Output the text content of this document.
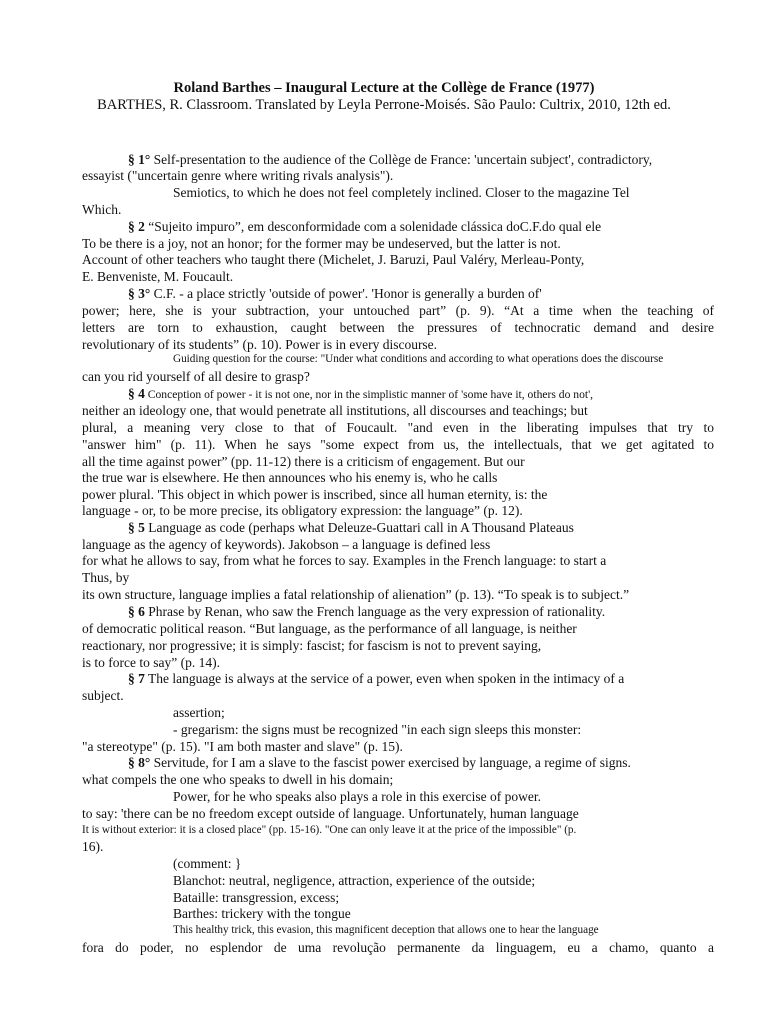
Roland Barthes – Inaugural Lecture at the Collège de France (1977)
BARTHES, R. Classroom. Translated by Leyla Perrone-Moisés. São Paulo: Cultrix, 2010, 12th ed.
§ 1° Self-presentation to the audience of the Collège de France: 'uncertain subject', contradictory,
essayist ("uncertain genre where writing rivals analysis").
Semiotics, to which he does not feel completely inclined. Closer to the magazine Tel
Which.
§ 2 “Sujeito impuro”, em desconformidade com a solenidade clássica doC.F.do qual ele
To be there is a joy, not an honor; for the former may be undeserved, but the latter is not.
Account of other teachers who taught there (Michelet, J. Baruzi, Paul Valéry, Merleau-Ponty,
E. Benveniste, M. Foucault.
§ 3° C.F. - a place strictly 'outside of power'. 'Honor is generally a burden of'
power; here, she is your subtraction, your untouched part” (p. 9). “At a time when the teaching of
letters are torn to exhaustion, caught between the pressures of technocratic demand and desire
revolutionary of its students” (p. 10). Power is in every discourse.
Guiding question for the course: "Under what conditions and according to what operations does the discourse
can you rid yourself of all desire to grasp?
§ 4 Conception of power - it is not one, nor in the simplistic manner of 'some have it, others do not',
neither an ideology one, that would penetrate all institutions, all discourses and teachings; but
plural, a meaning very close to that of Foucault. "and even in the liberating impulses that try to
"answer him" (p. 11). When he says "some expect from us, the intellectuals, that we get agitated to
all the time against power” (pp. 11-12) there is a criticism of engagement. But our
the true war is elsewhere. He then announces who his enemy is, who he calls
power plural. 'This object in which power is inscribed, since all human eternity, is: the
language - or, to be more precise, its obligatory expression: the language” (p. 12).
§ 5 Language as code (perhaps what Deleuze-Guattari call in A Thousand Plateaus
language as the agency of keywords). Jakobson – a language is defined less
for what he allows to say, from what he forces to say. Examples in the French language: to start a
Thus, by
its own structure, language implies a fatal relationship of alienation” (p. 13). “To speak is to subject.”
§ 6 Phrase by Renan, who saw the French language as the very expression of rationality.
of democratic political reason. “But language, as the performance of all language, is neither
reactionary, nor progressive; it is simply: fascist; for fascism is not to prevent saying,
is to force to say” (p. 14).
§ 7 The language is always at the service of a power, even when spoken in the intimacy of a
subject.
assertion;
- gregarism: the signs must be recognized "in each sign sleeps this monster:
"a stereotype" (p. 15). "I am both master and slave" (p. 15).
§ 8° Servitude, for I am a slave to the fascist power exercised by language, a regime of signs.
what compels the one who speaks to dwell in his domain;
Power, for he who speaks also plays a role in this exercise of power.
to say: 'there can be no freedom except outside of language. Unfortunately, human language
It is without exterior: it is a closed place" (pp. 15-16). "One can only leave it at the price of the impossible" (p.
16).
(comment: }
Blanchot: neutral, negligence, attraction, experience of the outside;
Bataille: transgression, excess;
Barthes: trickery with the tongue
This healthy trick, this evasion, this magnificent deception that allows one to hear the language
fora do poder, no esplendor de uma revolução permanente da linguagem, eu a chamo, quanto a
